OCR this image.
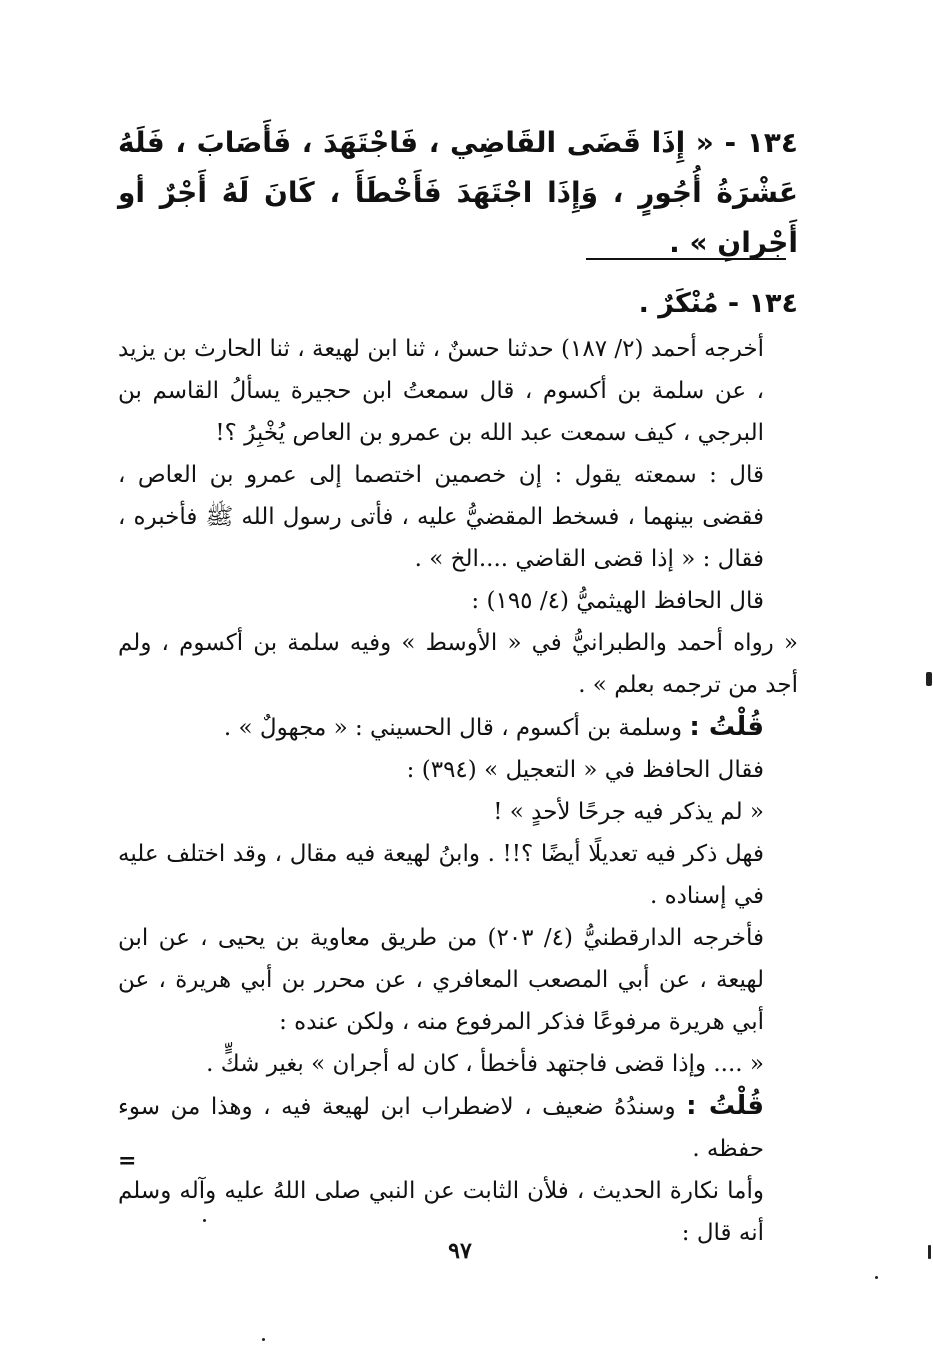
١٣٤ - « إِذَا قَضَى القَاضِي ، فَاجْتَهَدَ ، فَأَصَابَ ، فَلَهُ عَشْرَةُ أُجُورٍ ، وَإِذَا اجْتَهَدَ فَأَخْطَأَ ، كَانَ لَهُ أَجْرٌ أو أَجْرانِ » .

١٣٤ - مُنْكَرٌ .

أخرجه أحمد (٢/ ١٨٧) حدثنا حسنٌ ، ثنا ابن لهيعة ، ثنا الحارث بن يزيد ، عن سلمة بن أكسوم ، قال سمعتُ ابن حجيرة يسألُ القاسم بن البرجي ، كيف سمعت عبد الله بن عمرو بن العاص يُخْبِرُ ؟!

قال : سمعته يقول : إن خصمين اختصما إلى عمرو بن العاص ، فقضى بينهما ، فسخط المقضيُّ عليه ، فأتى رسول الله ﷺ فأخبره ، فقال : « إذا قضى القاضي ....الخ » .

قال الحافظ الهيثميُّ (٤/ ١٩٥) :

« رواه أحمد والطبرانيُّ في « الأوسط » وفيه سلمة بن أكسوم ، ولم أجد من ترجمه بعلم » .

قُلْتُ : وسلمة بن أكسوم ، قال الحسيني : « مجهولٌ » .

فقال الحافظ في « التعجيل » (٣٩٤) :

« لم يذكر فيه جرحًا لأحدٍ » !

فهل ذكر فيه تعديلًا أيضًا ؟!! . وابنُ لهيعة فيه مقال ، وقد اختلف عليه في إسناده .

فأخرجه الدارقطنيُّ (٤/ ٢٠٣) من طريق معاوية بن يحيى ، عن ابن لهيعة ، عن أبي المصعب المعافري ، عن محرر بن أبي هريرة ، عن أبي هريرة مرفوعًا فذكر المرفوع منه ، ولكن عنده :

« .... وإذا قضى فاجتهد فأخطأ ، كان له أجران » بغير شكٍّ .

قُلْتُ : وسندُهُ ضعيف ، لاضطراب ابن لهيعة فيه ، وهذا من سوء حفظه .

وأما نكارة الحديث ، فلأن الثابت عن النبي صلى اللهُ عليه وآله وسلم أنه قال :

=
٩٧
